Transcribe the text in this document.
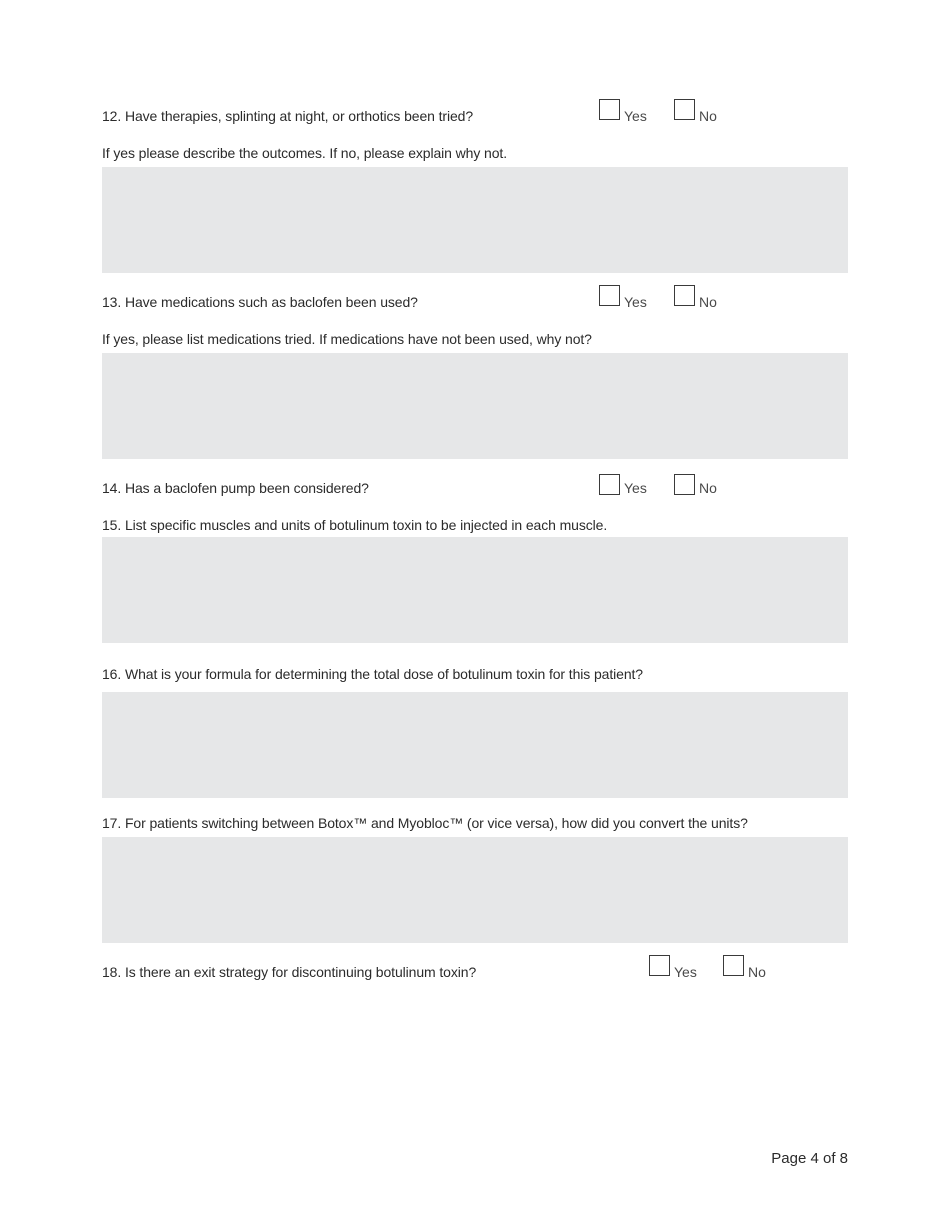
12. Have therapies, splinting at night, or orthotics been tried?	Yes	No
If yes please describe the outcomes. If no, please explain why not.
13. Have medications such as baclofen been used?	Yes	No
If yes, please list medications tried. If medications have not been used, why not?
14. Has a baclofen pump been considered?	Yes	No
15. List specific muscles and units of botulinum toxin to be injected in each muscle.
16. What is your formula for determining the total dose of botulinum toxin for this patient?
17. For patients switching between Botox™ and Myobloc™ (or vice versa), how did you convert the units?
18. Is there an exit strategy for discontinuing botulinum toxin?	Yes	No
Page 4 of 8
